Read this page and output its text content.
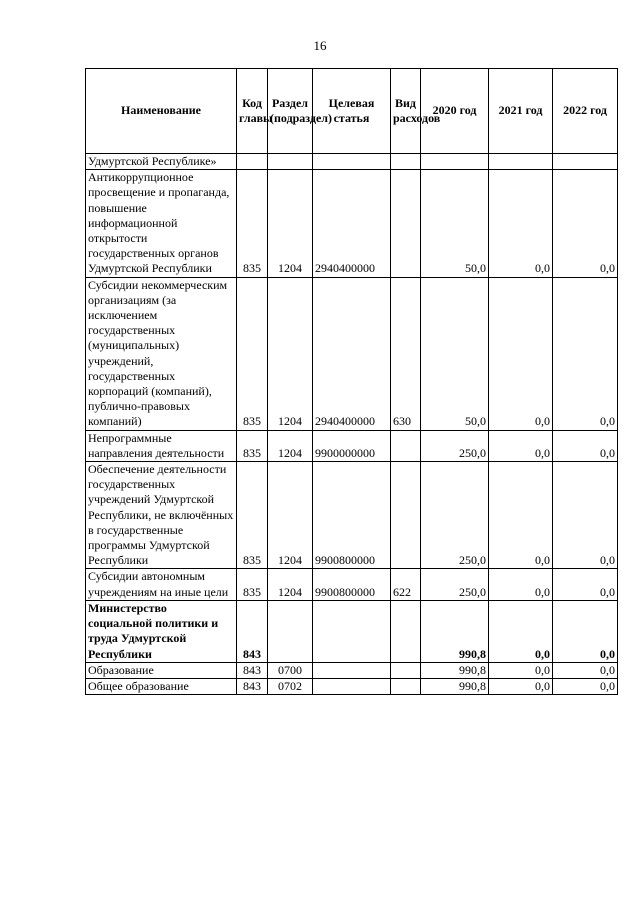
16
Наименование	Код главы	Раздел (подраздел)	Целевая статья	Вид расходов	2020 год	2021 год	2022 год
Удмуртской Республике»							
Антикоррупционное просвещение и пропаганда, повышение информационной открытости государственных органов Удмуртской Республики	835	1204	2940400000		50,0	0,0	0,0
Субсидии некоммерческим организациям (за исключением государственных (муниципальных) учреждений, государственных корпораций (компаний), публично-правовых компаний)	835	1204	2940400000	630	50,0	0,0	0,0
Непрограммные направления деятельности	835	1204	9900000000		250,0	0,0	0,0
Обеспечение деятельности государственных учреждений Удмуртской Республики, не включённых в государственные программы Удмуртской Республики	835	1204	9900800000		250,0	0,0	0,0
Субсидии автономным учреждениям на иные цели	835	1204	9900800000	622	250,0	0,0	0,0
Министерство социальной политики и труда Удмуртской Республики	843				990,8	0,0	0,0
Образование	843	0700			990,8	0,0	0,0
Общее образование	843	0702			990,8	0,0	0,0
